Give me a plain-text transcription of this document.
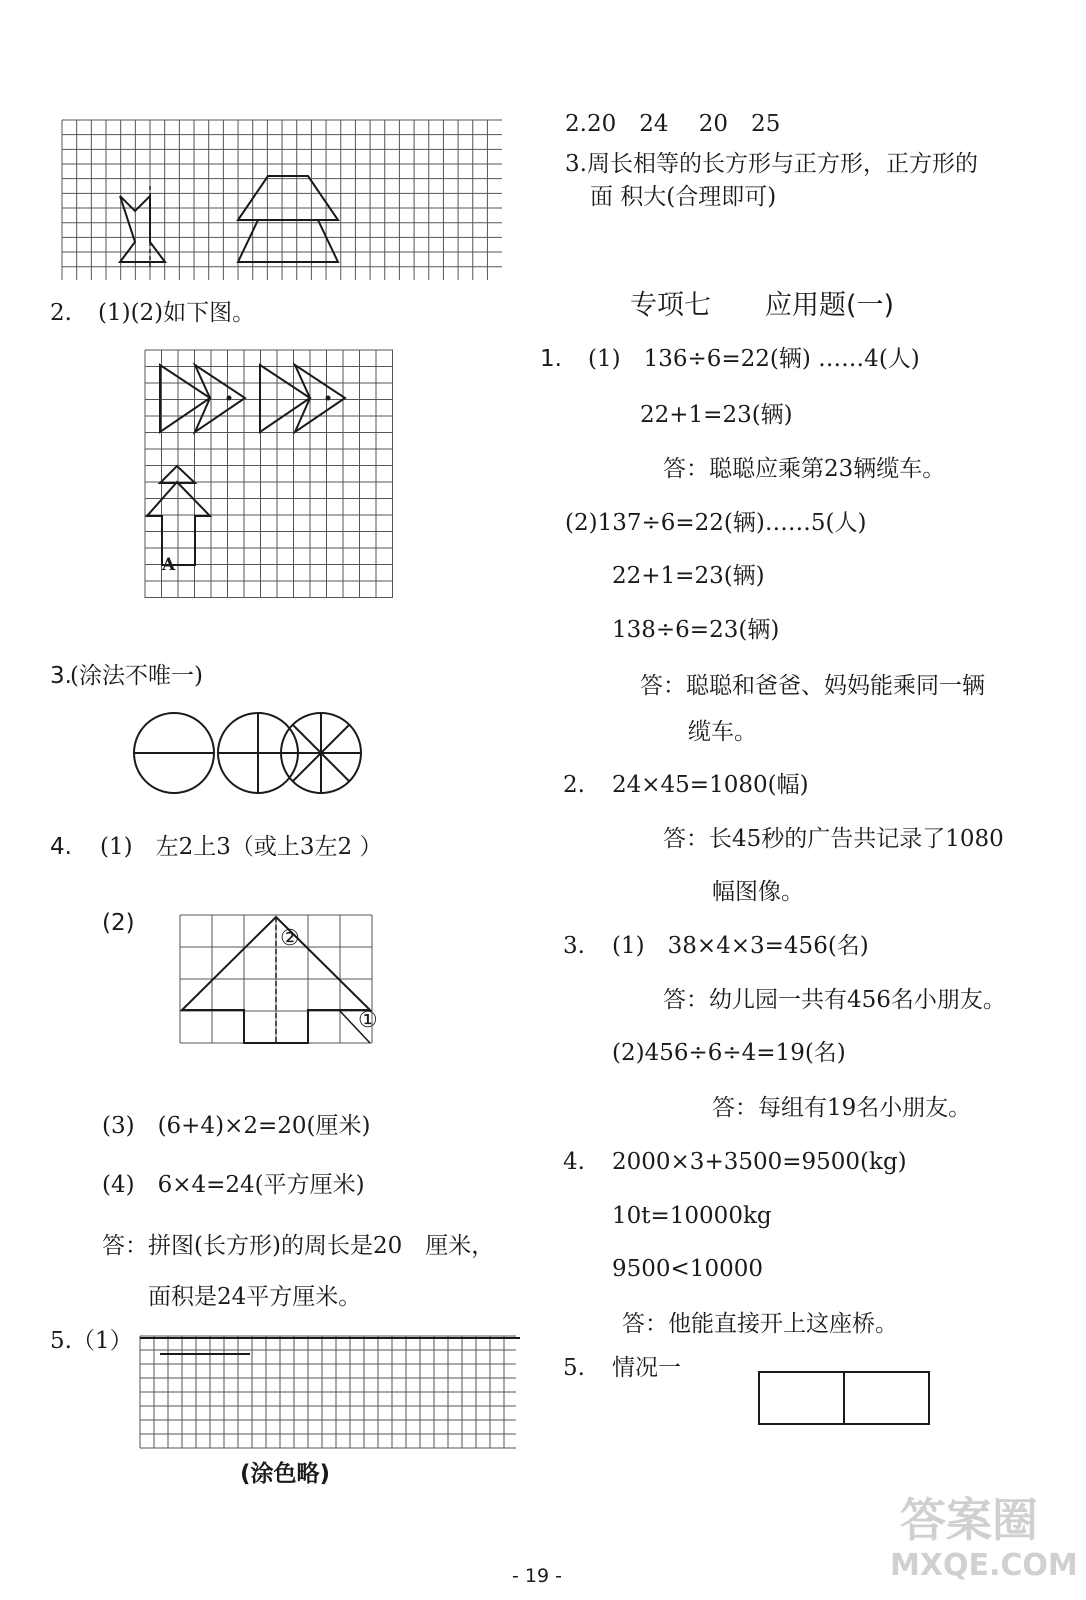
2. (1)(2)如下图。
A
3.
(涂法不唯一)
4. (1)　左2上3（或上3左2 ）
(2)
②
①
(3)　(6+4)×2=20(厘米)
(4)　6×4=24(平方厘米)
答：拼图(长方形)的周长是20　厘米，
面积是24平方厘米。
5.（1）
(涂色略)
2.20　24　 20　25
3.周长相等的长方形与正方形，正方形的
面 积大(合理即可)
专项七　　应用题(一)
1. (1)　136÷6=22(辆) ……4(人)
22+1=23(辆)
答：聪聪应乘第23辆缆车。
(2)137÷6=22(辆)……5(人)
22+1=23(辆)
138÷6=23(辆)
答：聪聪和爸爸、妈妈能乘同一辆
缆车。
2. 24×45=1080(幅)
答：长45秒的广告共记录了1080
幅图像。
3. (1)　38×4×3=456(名)
答：幼儿园一共有456名小朋友。
(2)456÷6÷4=19(名)
答：每组有19名小朋友。
4. 2000×3+3500=9500(kg)
10t=10000kg
9500<10000
答：他能直接开上这座桥。
5. 情况一
- 19 -
答案圈
MXQE.COM
